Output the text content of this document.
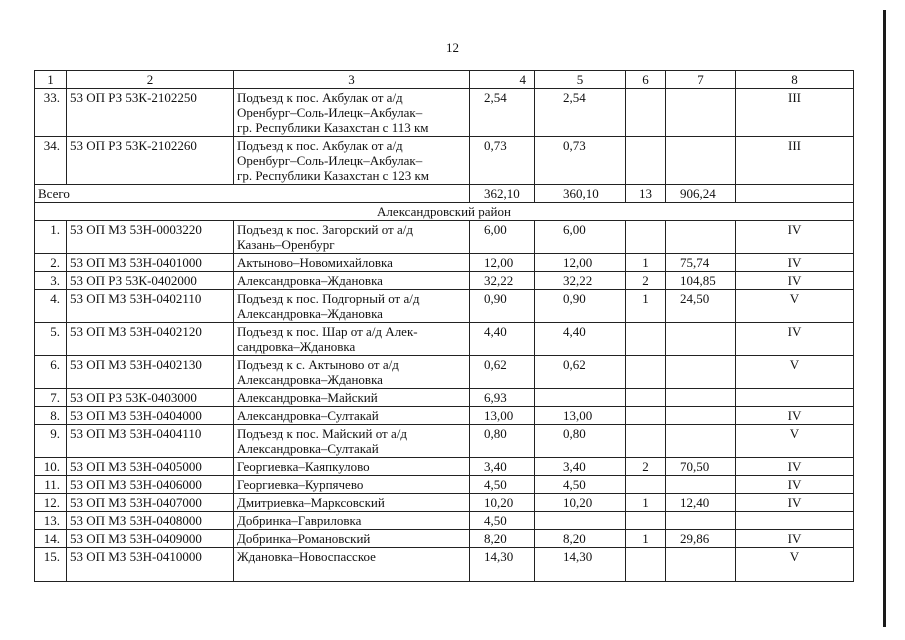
12
1	2	3	4	5	6	7	8
33.	53 ОП РЗ 53К-2102250	Подъезд к пос. Акбулак от а/д
Оренбург–Соль-Илецк–Акбулак–
гр. Республики Казахстан с 113 км	2,54	2,54			III
34.	53 ОП РЗ 53К-2102260	Подъезд к пос. Акбулак от а/д
Оренбург–Соль-Илецк–Акбулак–
гр. Республики Казахстан с 123 км	0,73	0,73			III
Всего			362,10	360,10	13	906,24	
Александровский район							
1.	53 ОП МЗ 53Н-0003220	Подъезд к пос. Загорский от а/д
Казань–Оренбург	6,00	6,00			IV
2.	53 ОП МЗ 53Н-0401000	Актыново–Новомихайловка	12,00	12,00	1	75,74	IV
3.	53 ОП РЗ 53К-0402000	Александровка–Ждановка	32,22	32,22	2	104,85	IV
4.	53 ОП МЗ 53Н-0402110	Подъезд к пос. Подгорный от а/д
Александровка–Ждановка	0,90	0,90	1	24,50	V
5.	53 ОП МЗ 53Н-0402120	Подъезд к пос. Шар от а/д Алек-
сандровка–Ждановка	4,40	4,40			IV
6.	53 ОП МЗ 53Н-0402130	Подъезд к с. Актыново от а/д
Александровка–Ждановка	0,62	0,62			V
7.	53 ОП РЗ 53К-0403000	Александровка–Майский	6,93				
8.	53 ОП МЗ 53Н-0404000	Александровка–Султакай	13,00	13,00			IV
9.	53 ОП МЗ 53Н-0404110	Подъезд к пос. Майский от а/д
Александровка–Султакай	0,80	0,80			V
10.	53 ОП МЗ 53Н-0405000	Георгиевка–Каяпкулово	3,40	3,40	2	70,50	IV
11.	53 ОП МЗ 53Н-0406000	Георгиевка–Курпячево	4,50	4,50			IV
12.	53 ОП МЗ 53Н-0407000	Дмитриевка–Марксовский	10,20	10,20	1	12,40	IV
13.	53 ОП МЗ 53Н-0408000	Добринка–Гавриловка	4,50				
14.	53 ОП МЗ 53Н-0409000	Добринка–Романовский	8,20	8,20	1	29,86	IV
15.	53 ОП МЗ 53Н-0410000	Ждановка–Новоспасское	14,30	14,30			V
